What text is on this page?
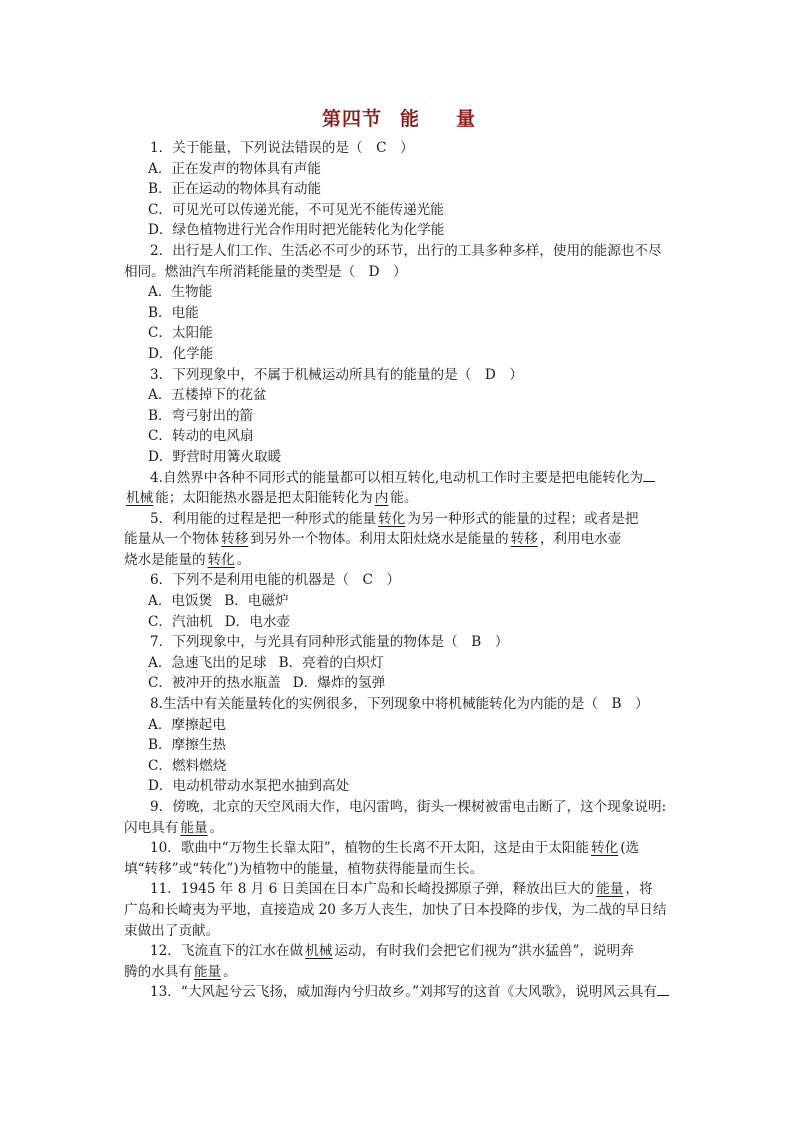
第四节 能 量
1．关于能量，下列说法错误的是（　C　）
‌A．正在发声的物体具有声能
‌B．正在运动的物体具有动能
‌C．可见光可以传递光能，不可见光不能传递光能
‌D．绿色植物进行光合作用时把光能转化为化学能
2．出行是人们工作、生活必不可少的环节，出行的工具多种多样，使用的能源也不尽
相同。燃油汽车所消耗能量的类型是（　D　）
‌A．生物能
‌B．电能
‌C．太阳能
‌D．化学能
3．下列现象中，不属于机械运动所具有的能量的是（　D　）
‌A．五楼掉下的花盆
‌B．弯弓射出的箭
‌C．转动的电风扇
‌D．野营时用篝火取暖
4.自然界中各种不同形式的能量都可以相互转化,电动机工作时主要是把电能转化为
机械 能；太阳能热水器是把太阳能转化为 内 能。
5．利用能的过程是把一种形式的能量 转化 为另一种形式的能量的过程；或者是把
能量从一个物体 转移 到另外一个物体。利用太阳灶烧水是能量的 转移 ，利用电水壶
烧水是能量的 转化 。
6．下列不是利用电能的机器是（　C　）
A．电饭煲 B．电磁炉
C．汽油机 D．电水壶
7．下列现象中，与光具有同种形式能量的物体是（　B　）
A．急速飞出的足球 B．亮着的白炽灯
C．被冲开的热水瓶盖 D．爆炸的氢弹
8.生活中有关能量转化的实例很多，下列现象中将机械能转化为内能的是（　B　）
A．摩擦起电
B．摩擦生热
C．燃料燃烧
D．电动机带动水泵把水抽到高处
9．傍晚，北京的天空风雨大作，电闪雷鸣，街头一棵树被雷电击断了，这个现象说明:
闪电具有 能量 。
10．歌曲中“万物生长靠太阳”，植物的生长离不开太阳，这是由于太阳能 转化 (选
填“转移”或“转化”)为植物中的能量，植物获得能量而生长。
11．1945 年 8 月 6 日美国在日本广岛和长崎投掷原子弹，释放出巨大的 能量 ，将
广岛和长崎夷为平地，直接造成 20 多万人丧生，加快了日本投降的步伐，为二战的早日结
束做出了贡献。
12．飞流直下的江水在做 机械 运动，有时我们会把它们视为“洪水猛兽”，说明奔
腾的水具有 能量 。
13．“大风起兮云飞扬，威加海内兮归故乡。”刘邦写的这首《大风歌》，说明风云具有
